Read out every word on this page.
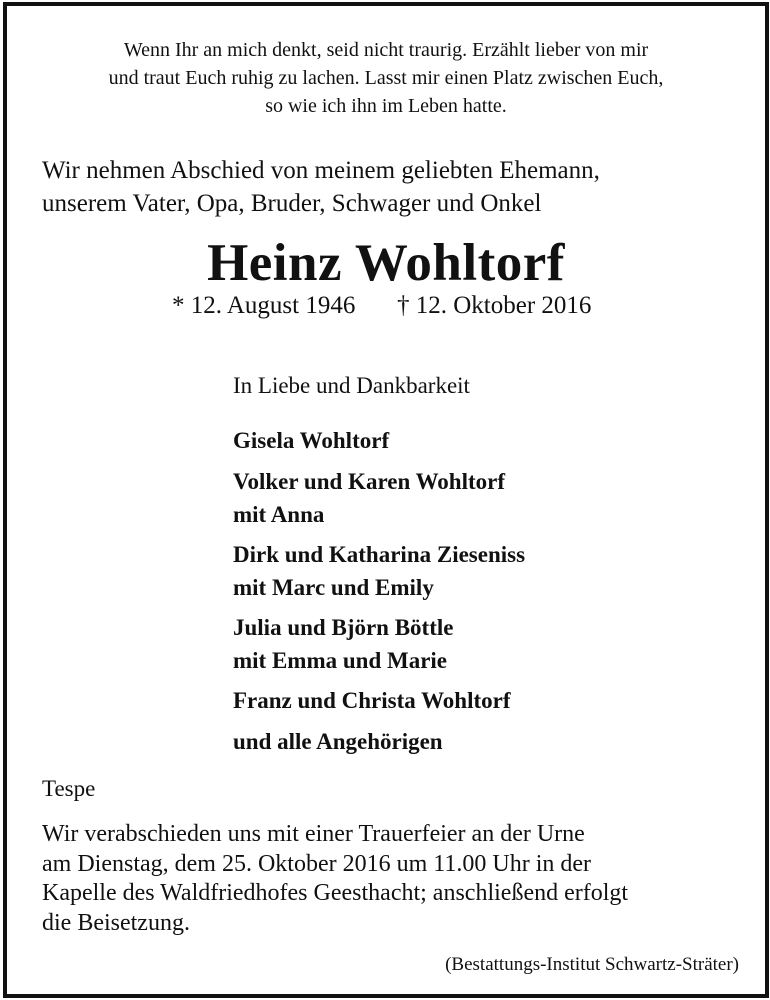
Wenn Ihr an mich denkt, seid nicht traurig. Erzählt lieber von mir
und traut Euch ruhig zu lachen. Lasst mir einen Platz zwischen Euch,
so wie ich ihn im Leben hatte.
Wir nehmen Abschied von meinem geliebten Ehemann,
unserem Vater, Opa, Bruder, Schwager und Onkel
Heinz Wohltorf
* 12. August 1946 † 12. Oktober 2016
In Liebe und Dankbarkeit
Gisela Wohltorf
Volker und Karen Wohltorf
mit Anna
Dirk und Katharina Zieseniss
mit Marc und Emily
Julia und Björn Böttle
mit Emma und Marie
Franz und Christa Wohltorf
und alle Angehörigen
Tespe
Wir verabschieden uns mit einer Trauerfeier an der Urne
am Dienstag, dem 25. Oktober 2016 um 11.00 Uhr in der
Kapelle des Waldfriedhofes Geesthacht; anschließend erfolgt
die Beisetzung.
(Bestattungs-Institut Schwartz-Sträter)
